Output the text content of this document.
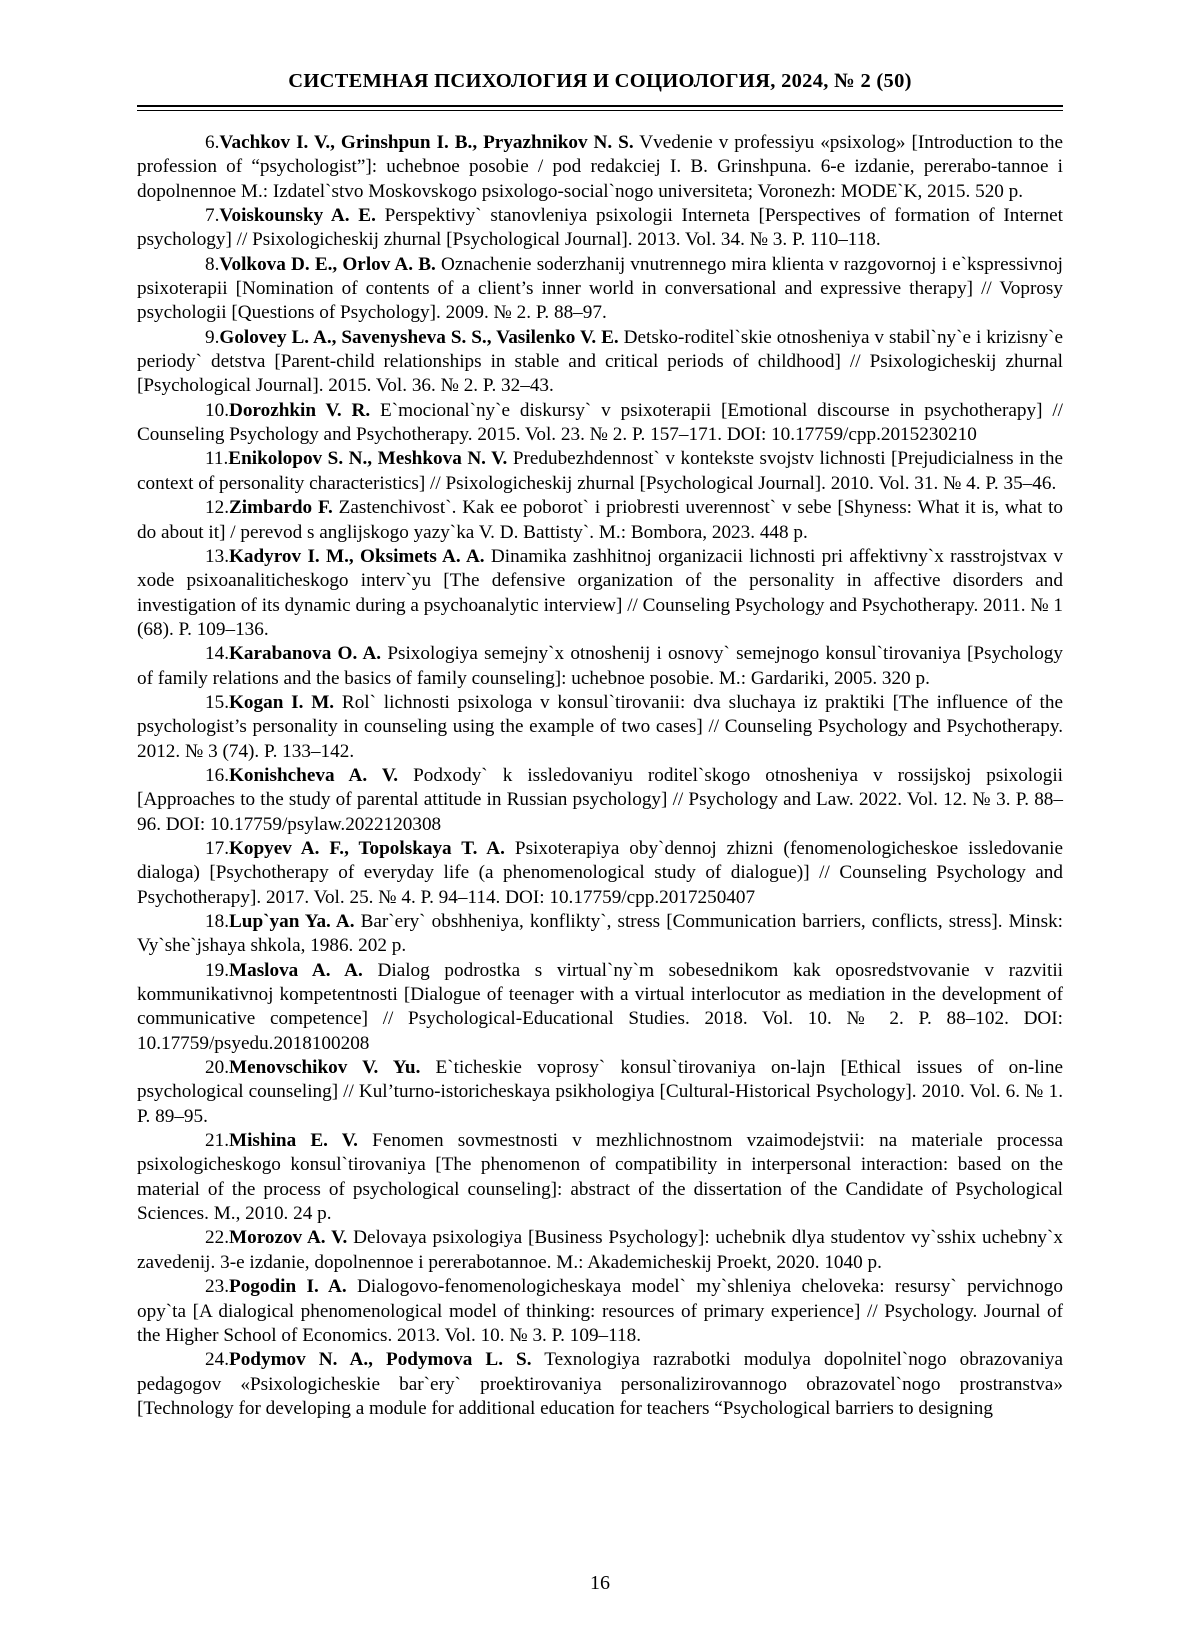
СИСТЕМНАЯ ПСИХОЛОГИЯ И СОЦИОЛОГИЯ, 2024, № 2 (50)

6.Vachkov I. V., Grinshpun I. B., Pryazhnikov N. S. Vvedenie v professiyu «psixolog» [Introduction to the profession of “psychologist”]: uchebnoe posobie / pod redakciej I. B. Grinshpuna. 6-e izdanie, pererabo-tannoe i dopolnennoe M.: Izdatel`stvo Moskovskogo psixologo-social`nogo universiteta; Voronezh: MODE`K, 2015. 520 p.

7.Voiskounsky A. E. Perspektivy` stanovleniya psixologii Interneta [Perspectives of formation of Internet psychology] // Psixologicheskij zhurnal [Psychological Journal]. 2013. Vol. 34. № 3. P. 110–118.

8.Volkova D. E., Orlov A. B. Oznachenie soderzhanij vnutrennego mira klienta v razgovornoj i e`kspressivnoj psixoterapii [Nomination of contents of a client’s inner world in conversational and expressive therapy] // Voprosy psychologii [Questions of Psychology]. 2009. № 2. P. 88–97.

9.Golovey L. A., Savenysheva S. S., Vasilenko V. E. Detsko-roditel`skie otnosheniya v stabil`ny`e i krizisny`e periody` detstva [Parent-child relationships in stable and critical periods of childhood] // Psixologicheskij zhurnal [Psychological Journal]. 2015. Vol. 36. № 2. P. 32–43.

10.Dorozhkin V. R. E`mocional`ny`e diskursy` v psixoterapii [Emotional discourse in psychotherapy] // Counseling Psychology and Psychotherapy. 2015. Vol. 23. № 2. P. 157–171. DOI: 10.17759/cpp.2015230210

11.Enikolopov S. N., Meshkova N. V. Predubezhdennost` v kontekste svojstv lichnosti [Prejudicialness in the context of personality characteristics] // Psixologicheskij zhurnal [Psychological Journal]. 2010. Vol. 31. № 4. P. 35–46.

12.Zimbardo F. Zastenchivost`. Kak ee poborot` i priobresti uverennost` v sebe [Shyness: What it is, what to do about it] / perevod s anglijskogo yazy`ka V. D. Battisty`. M.: Bombora, 2023. 448 p.

13.Kadyrov I. M., Oksimets A. A. Dinamika zashhitnoj organizacii lichnosti pri affektivny`x rasstrojstvax v xode psixoanaliticheskogo interv`yu [The defensive organization of the personality in affective disorders and investigation of its dynamic during a psychoanalytic interview] // Counseling Psychology and Psychotherapy. 2011. № 1 (68). P. 109–136.

14.Karabanova O. A. Psixologiya semejny`x otnoshenij i osnovy` semejnogo konsul`tirovaniya [Psychology of family relations and the basics of family counseling]: uchebnoe posobie. M.: Gardariki, 2005. 320 p.

15.Kogan I. M. Rol` lichnosti psixologa v konsul`tirovanii: dva sluchaya iz praktiki [The influence of the psychologist’s personality in counseling using the example of two cases] // Counseling Psychology and Psychotherapy. 2012. № 3 (74). P. 133–142.

16.Konishcheva A. V. Podxody` k issledovaniyu roditel`skogo otnosheniya v rossijskoj psixologii [Approaches to the study of parental attitude in Russian psychology] // Psychology and Law. 2022. Vol. 12. № 3. P. 88–96. DOI: 10.17759/psylaw.2022120308

17.Kopyev A. F., Topolskaya T. A. Psixoterapiya oby`dennoj zhizni (fenomenologicheskoe issledovanie dialoga) [Psychotherapy of everyday life (a phenomenological study of dialogue)] // Counseling Psychology and Psychotherapy]. 2017. Vol. 25. № 4. P. 94–114. DOI: 10.17759/cpp.2017250407

18.Lup`yan Ya. A. Bar`ery` obshheniya, konflikty`, stress [Communication barriers, conflicts, stress]. Minsk: Vy`she`jshaya shkola, 1986. 202 p.

19.Maslova A. A. Dialog podrostka s virtual`ny`m sobesednikom kak oposredstvovanie v razvitii kommunikativnoj kompetentnosti [Dialogue of teenager with a virtual interlocutor as mediation in the development of communicative competence] // Psychological-Educational Studies. 2018. Vol. 10. № 2. P. 88–102. DOI: 10.17759/psyedu.2018100208

20.Menovschikov V. Yu. E`ticheskie voprosy` konsul`tirovaniya on-lajn [Ethical issues of on-line psychological counseling] // Kul’turno-istoricheskaya psikhologiya [Cultural-Historical Psychology]. 2010. Vol. 6. № 1. P. 89–95.

21.Mishina E. V. Fenomen sovmestnosti v mezhlichnostnom vzaimodejstvii: na materiale processa psixologicheskogo konsul`tirovaniya [The phenomenon of compatibility in interpersonal interaction: based on the material of the process of psychological counseling]: abstract of the dissertation of the Candidate of Psychological Sciences. M., 2010. 24 p.

22.Morozov A. V. Delovaya psixologiya [Business Psychology]: uchebnik dlya studentov vy`sshix uchebny`x zavedenij. 3-e izdanie, dopolnennoe i pererabotannoe. M.: Akademicheskij Proekt, 2020. 1040 p.

23.Pogodin I. A. Dialogovo-fenomenologicheskaya model` my`shleniya cheloveka: resursy` pervichnogo opy`ta [A dialogical phenomenological model of thinking: resources of primary experience] // Psychology. Journal of the Higher School of Economics. 2013. Vol. 10. № 3. P. 109–118.

24.Podymov N. A., Podymova L. S. Texnologiya razrabotki modulya dopolnitel`nogo obrazovaniya pedagogov «Psixologicheskie bar`ery` proektirovaniya personalizirovannogo obrazovatel`nogo prostranstva» [Technology for developing a module for additional education for teachers “Psychological barriers to designing

16
